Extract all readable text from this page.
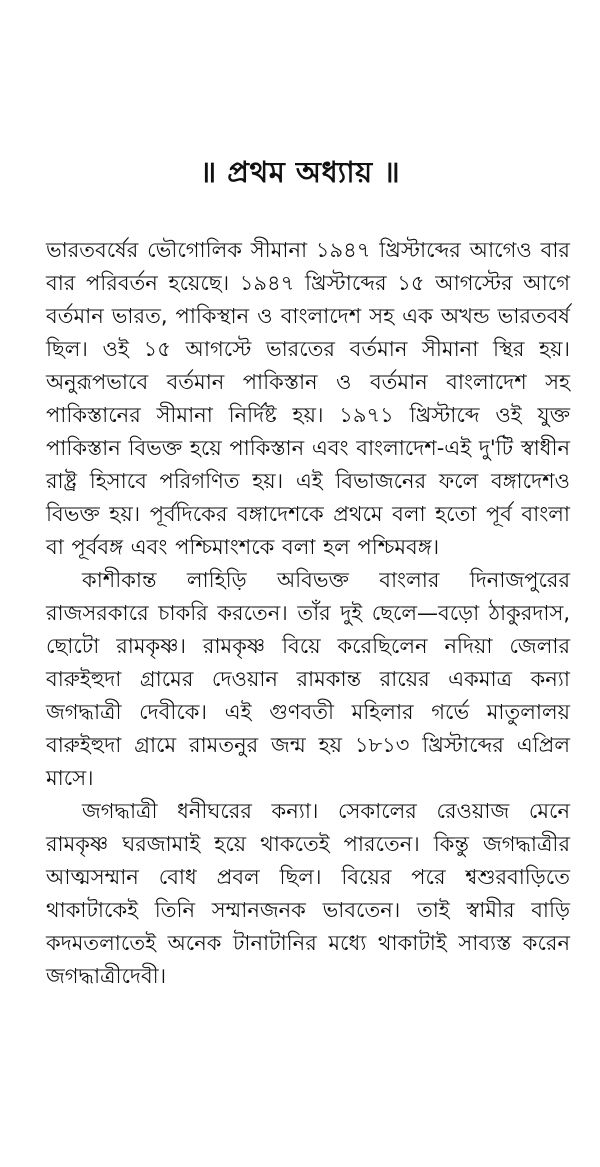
॥ প্রথম অধ্যায় ॥

ভারতবর্ষের ভৌগোলিক সীমানা ১৯৪৭ খ্রিস্টাব্দের আগেও বার বার পরিবর্তন হয়েছে। ১৯৪৭ খ্রিস্টাব্দের ১৫ আগস্টের আগে বর্তমান ভারত, পাকিস্থান ও বাংলাদেশ সহ এক অখন্ড ভারতবর্ষ ছিল। ওই ১৫ আগস্টে ভারতের বর্তমান সীমানা স্থির হয়। অনুরূপভাবে বর্তমান পাকিস্তান ও বর্তমান বাংলাদেশ সহ পাকিস্তানের সীমানা নির্দিষ্ট হয়। ১৯৭১ খ্রিস্টাব্দে ওই যুক্ত পাকিস্তান বিভক্ত হয়ে পাকিস্তান এবং বাংলাদেশ-এই দু'টি স্বাধীন রাষ্ট্র হিসাবে পরিগণিত হয়। এই বিভাজনের ফলে বঙ্গাদেশও বিভক্ত হয়। পূর্বদিকের বঙ্গাদেশকে প্রথমে বলা হতো পূর্ব বাংলা বা পূর্ববঙ্গ এবং পশ্চিমাংশকে বলা হল পশ্চিমবঙ্গ।

কাশীকান্ত লাহিড়ি অবিভক্ত বাংলার দিনাজপুরের রাজসরকারে চাকরি করতেন। তাঁর দুই ছেলে—বড়ো ঠাকুরদাস, ছোটো রামকৃষ্ণ। রামকৃষ্ণ বিয়ে করেছিলেন নদিয়া জেলার বারুইহুদা গ্রামের দেওয়ান রামকান্ত রায়ের একমাত্র কন্যা জগদ্ধাত্রী দেবীকে। এই গুণবতী মহিলার গর্ভে মাতুলালয় বারুইহুদা গ্রামে রামতনুর জন্ম হয় ১৮১৩ খ্রিস্টাব্দের এপ্রিল মাসে।

জগদ্ধাত্রী ধনীঘরের কন্যা। সেকালের রেওয়াজ মেনে রামকৃষ্ণ ঘরজামাই হয়ে থাকতেই পারতেন। কিন্তু জগদ্ধাত্রীর আত্মসম্মান বোধ প্রবল ছিল। বিয়ের পরে শ্বশুরবাড়িতে থাকাটাকেই তিনি সম্মানজনক ভাবতেন। তাই স্বামীর বাড়ি কদমতলাতেই অনেক টানাটানির মধ্যে থাকাটাই সাব্যস্ত করেন জগদ্ধাত্রীদেবী।
